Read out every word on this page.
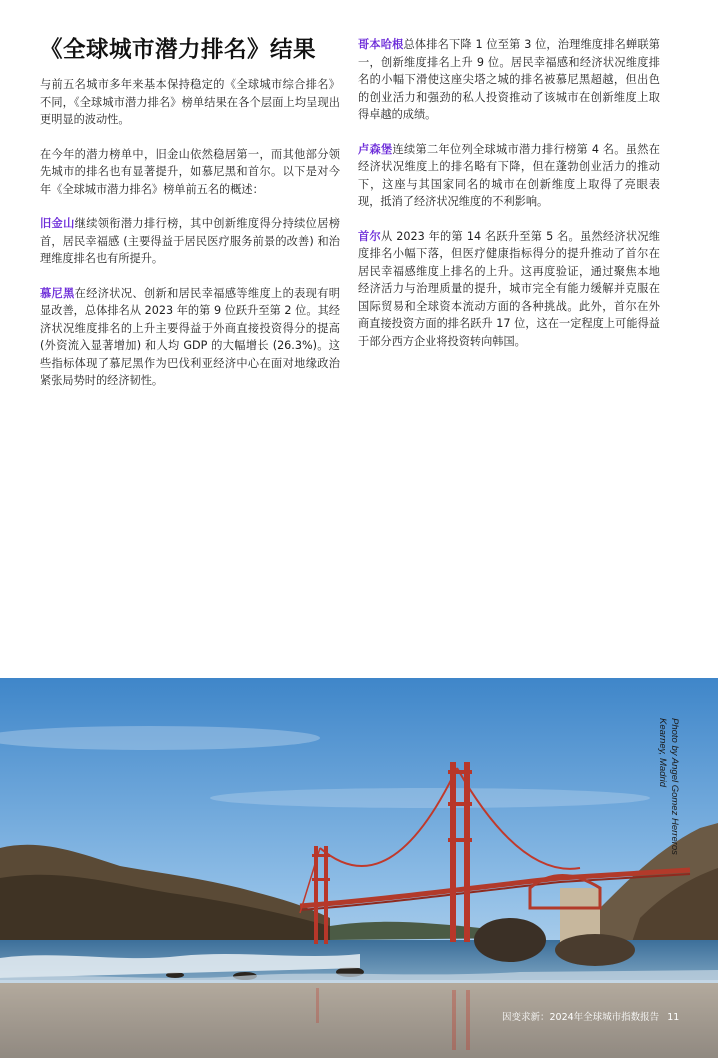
《全球城市潜力排名》结果

与前五名城市多年来基本保持稳定的《全球城市综合排名》不同，《全球城市潜力排名》榜单结果在各个层面上均呈现出更明显的波动性。

在今年的潜力榜单中，旧金山依然稳居第一，而其他部分领先城市的排名也有显著提升，如慕尼黑和首尔。以下是对今年《全球城市潜力排名》榜单前五名的概述：

旧金山继续领衔潜力排行榜，其中创新维度得分持续位居榜首，居民幸福感 (主要得益于居民医疗服务前景的改善) 和治理维度排名也有所提升。

慕尼黑在经济状况、创新和居民幸福感等维度上的表现有明显改善，总体排名从 2023 年的第 9 位跃升至第 2 位。其经济状况维度排名的上升主要得益于外商直接投资得分的提高 (外资流入显著增加) 和人均 GDP 的大幅增长 (26.3%)。这些指标体现了慕尼黑作为巴伐利亚经济中心在面对地缘政治紧张局势时的经济韧性。

哥本哈根总体排名下降 1 位至第 3 位，治理维度排名蝉联第一，创新维度排名上升 9 位。居民幸福感和经济状况维度排名的小幅下滑使这座尖塔之城的排名被慕尼黑超越，但出色的创业活力和强劲的私人投资推动了该城市在创新维度上取得卓越的成绩。

卢森堡连续第二年位列全球城市潜力排行榜第 4 名。虽然在经济状况维度上的排名略有下降，但在蓬勃创业活力的推动下，这座与其国家同名的城市在创新维度上取得了亮眼表现，抵消了经济状况维度的不利影响。

首尔从 2023 年的第 14 名跃升至第 5 名。虽然经济状况维度排名小幅下落，但医疗健康指标得分的提升推动了首尔在居民幸福感维度上排名的上升。这再度验证，通过聚焦本地经济活力与治理质量的提升，城市完全有能力缓解并克服在国际贸易和全球资本流动方面的各种挑战。此外，首尔在外商直接投资方面的排名跃升 17 位，这在一定程度上可能得益于部分西方企业将投资转向韩国。

Photo by Angel Gomez Herreros
Kearney, Madrid
因变求新：2024年全球城市指数报告 11
